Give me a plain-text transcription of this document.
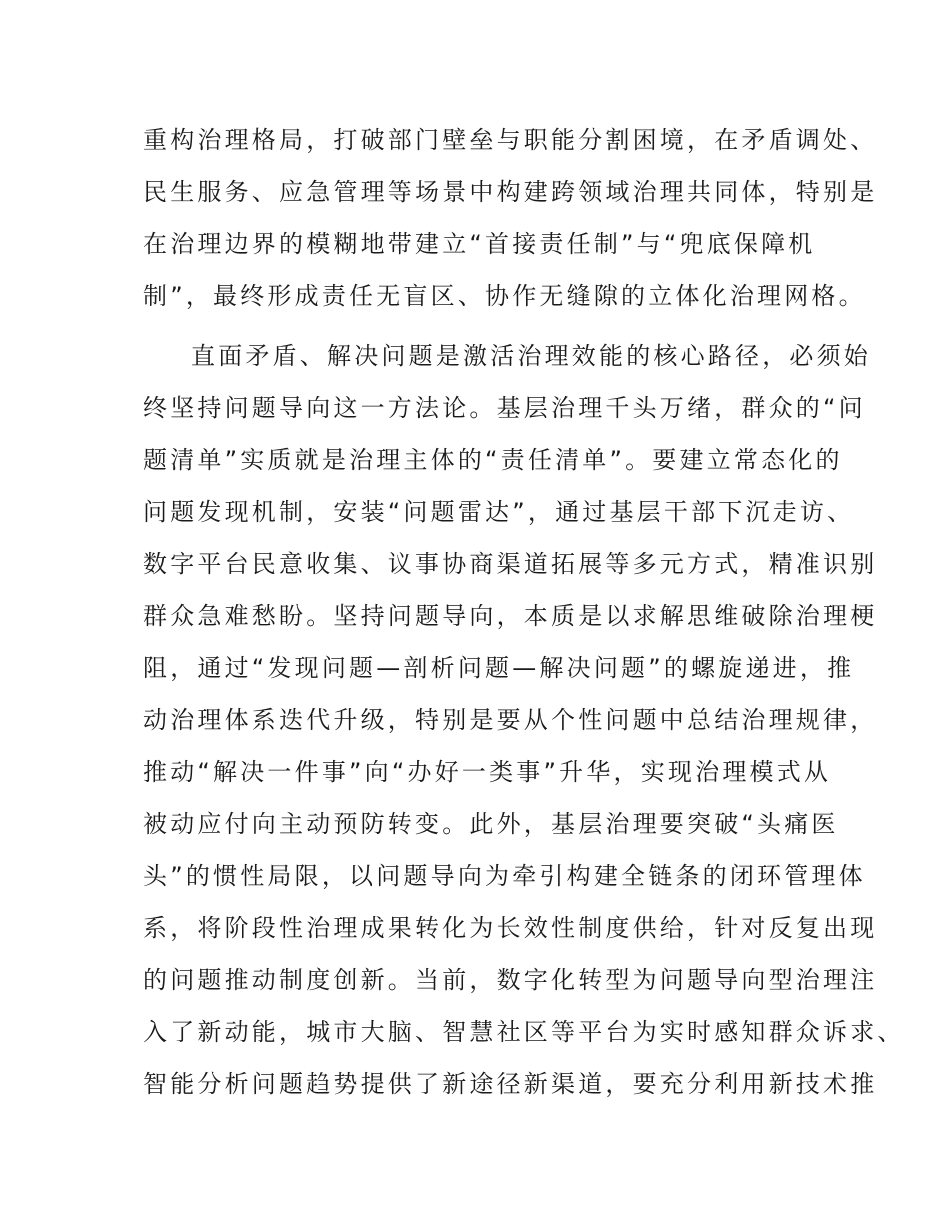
重构治理格局，打破部门壁垒与职能分割困境，在矛盾调处、
民生服务、应急管理等场景中构建跨领域治理共同体，特别是
在治理边界的模糊地带建立“首接责任制”与“兜底保障机
制”，最终形成责任无盲区、协作无缝隙的立体化治理网格。
直面矛盾、解决问题是激活治理效能的核心路径，必须始
终坚持问题导向这一方法论。基层治理千头万绪，群众的“问
题清单”实质就是治理主体的“责任清单”。要建立常态化的
问题发现机制，安装“问题雷达”，通过基层干部下沉走访、
数字平台民意收集、议事协商渠道拓展等多元方式，精准识别
群众急难愁盼。坚持问题导向，本质是以求解思维破除治理梗
阻，通过“发现问题—剖析问题—解决问题”的螺旋递进，推
动治理体系迭代升级，特别是要从个性问题中总结治理规律，
推动“解决一件事”向“办好一类事”升华，实现治理模式从
被动应付向主动预防转变。此外，基层治理要突破“头痛医
头”的惯性局限，以问题导向为牵引构建全链条的闭环管理体
系，将阶段性治理成果转化为长效性制度供给，针对反复出现
的问题推动制度创新。当前，数字化转型为问题导向型治理注
入了新动能，城市大脑、智慧社区等平台为实时感知群众诉求、
智能分析问题趋势提供了新途径新渠道，要充分利用新技术推
